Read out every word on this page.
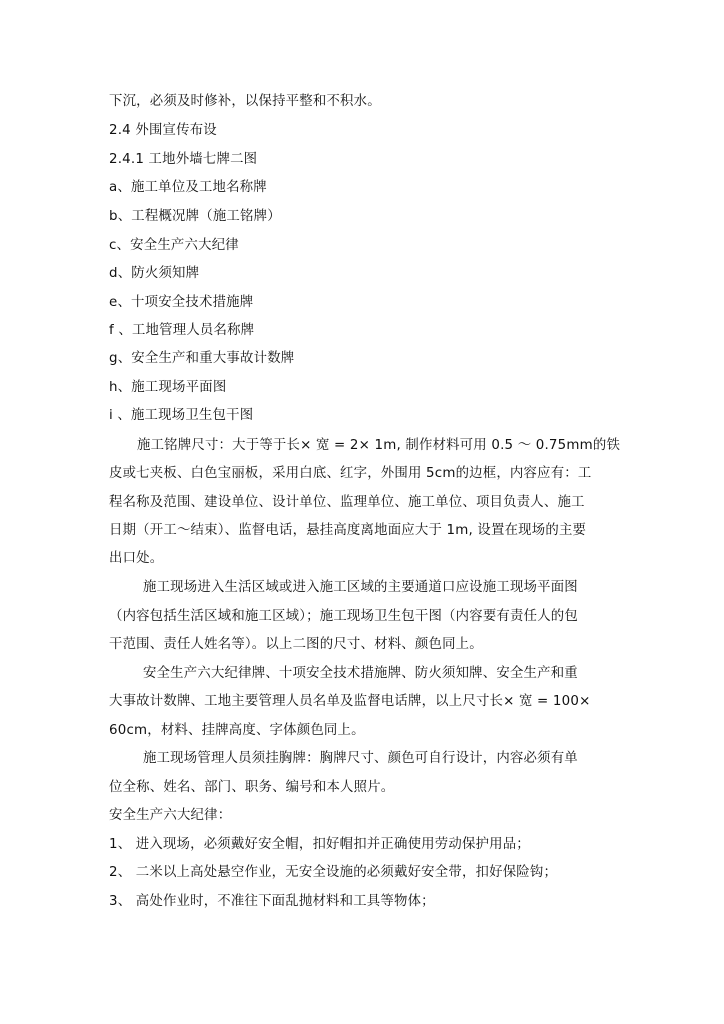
下沉，必须及时修补，以保持平整和不积水。
2.4 外围宣传布设
2.4.1 工地外墙七牌二图
a、施工单位及工地名称牌
b、工程概况牌（施工铭牌）
c、安全生产六大纪律
d、防火须知牌
e、十项安全技术措施牌
f 、工地管理人员名称牌
g、安全生产和重大事故计数牌
h、施工现场平面图
i 、施工现场卫生包干图
施工铭牌尺寸：大于等于长× 宽 = 2× 1m, 制作材料可用 0.5 ～ 0.75mm的铁
皮或七夹板、白色宝丽板，采用白底、红字，外围用 5cm的边框，内容应有：工
程名称及范围、建设单位、设计单位、监理单位、施工单位、项目负责人、施工
日期（开工～结束）、监督电话，悬挂高度离地面应大于 1m, 设置在现场的主要
出口处。
施工现场进入生活区域或进入施工区域的主要通道口应设施工现场平面图
（内容包括生活区域和施工区域）；施工现场卫生包干图（内容要有责任人的包
干范围、责任人姓名等）。以上二图的尺寸、材料、颜色同上。
安全生产六大纪律牌、十项安全技术措施牌、防火须知牌、安全生产和重
大事故计数牌、工地主要管理人员名单及监督电话牌，以上尺寸长× 宽 = 100×
60cm，材料、挂牌高度、字体颜色同上。
施工现场管理人员须挂胸牌：胸牌尺寸、颜色可自行设计，内容必须有单
位全称、姓名、部门、职务、编号和本人照片。
安全生产六大纪律：
1、 进入现场，必须戴好安全帽，扣好帽扣并正确使用劳动保护用品；
2、 二米以上高处悬空作业，无安全设施的必须戴好安全带，扣好保险钩；
3、 高处作业时，不准往下面乱抛材料和工具等物体；
